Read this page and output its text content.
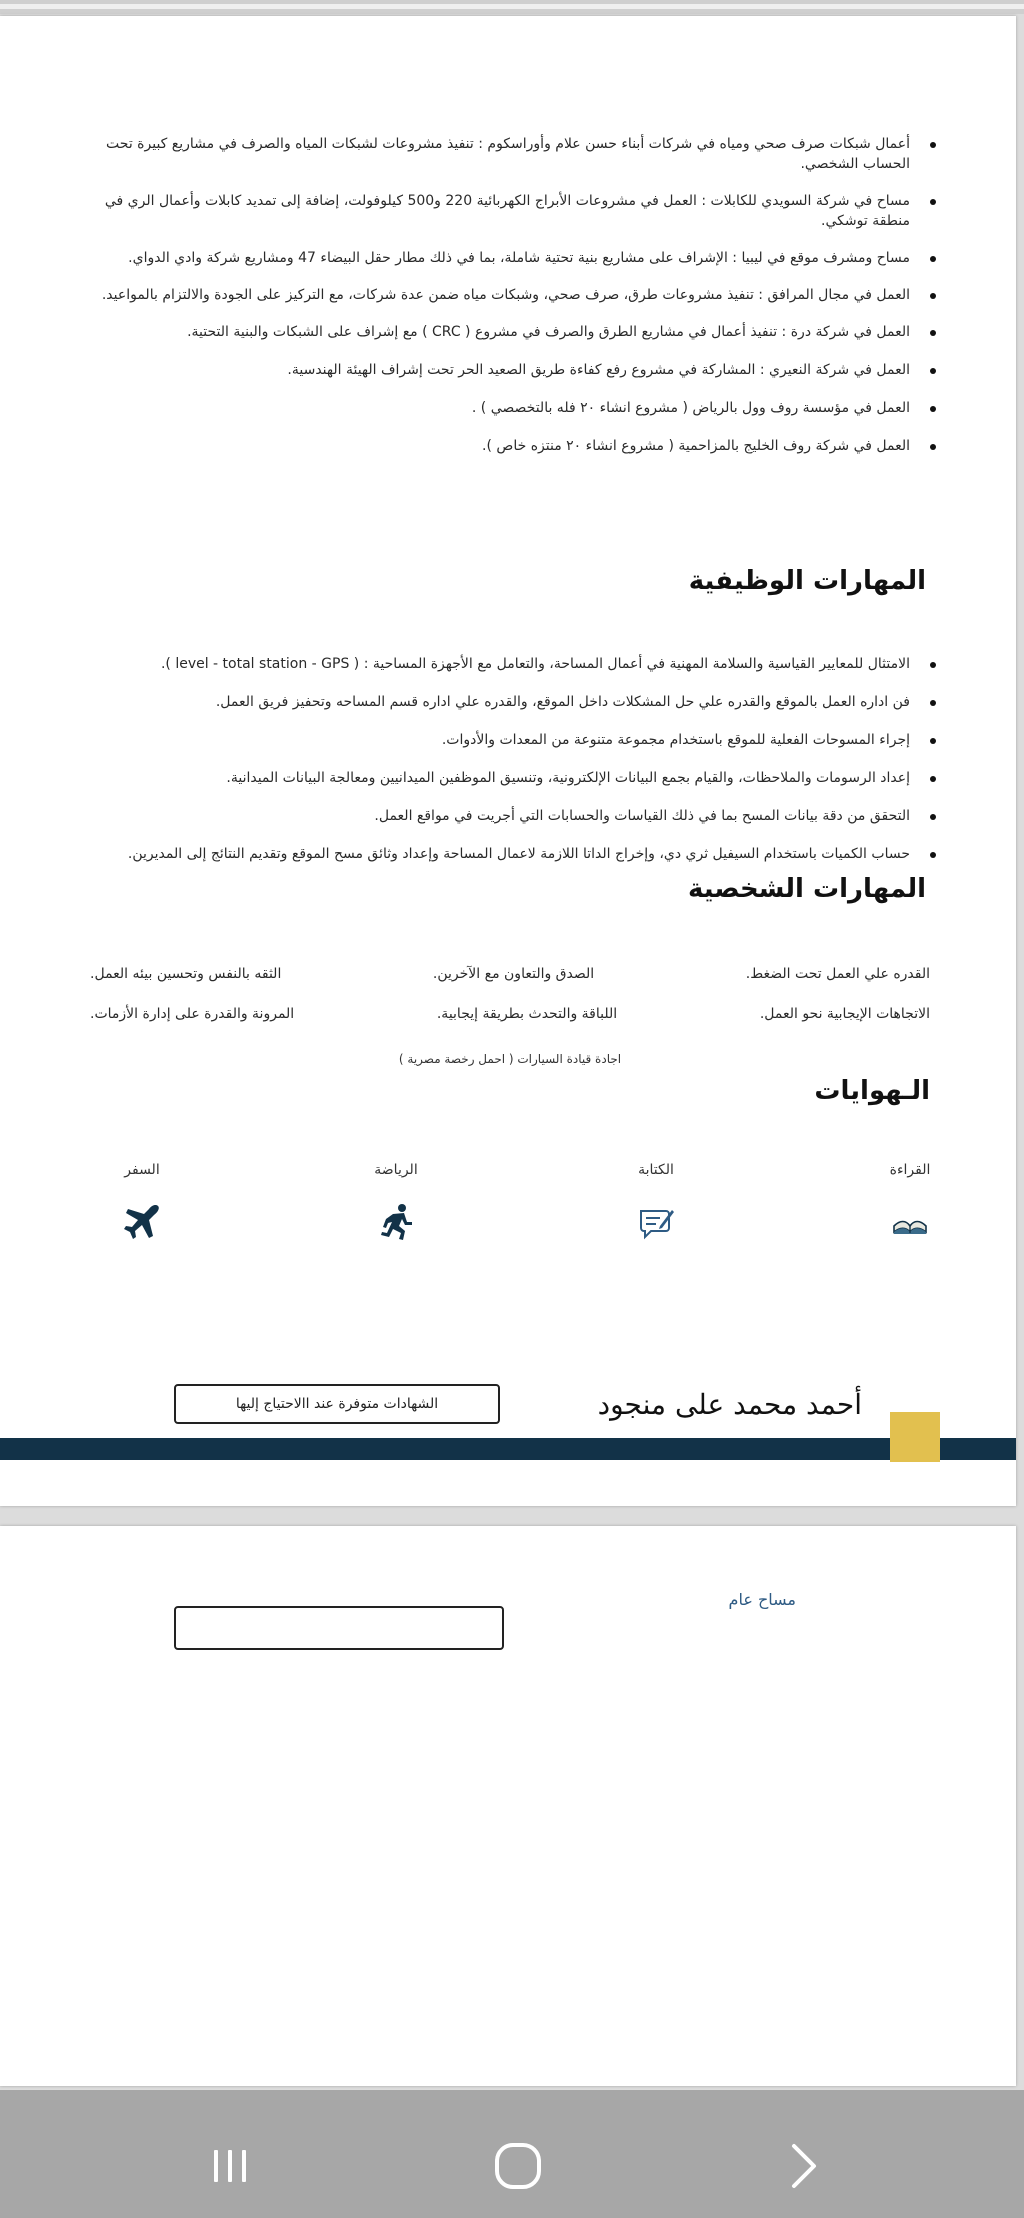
أعمال شبكات صرف صحي ومياه في شركات أبناء حسن علام وأوراسكوم : تنفيذ مشروعات لشبكات المياه والصرف في مشاريع كبيرة تحت الحساب الشخصي.
مساح في شركة السويدي للكابلات : العمل في مشروعات الأبراج الكهربائية 220 و500 كيلوفولت، إضافة إلى تمديد كابلات وأعمال الري في منطقة توشكي.
مساح ومشرف موقع في ليبيا : الإشراف على مشاريع بنية تحتية شاملة، بما في ذلك مطار حقل البيضاء 47 ومشاريع شركة وادي الدواي.
العمل في مجال المرافق : تنفيذ مشروعات طرق، صرف صحي، وشبكات مياه ضمن عدة شركات، مع التركيز على الجودة والالتزام بالمواعيد.
العمل في شركة درة : تنفيذ أعمال في مشاريع الطرق والصرف في مشروع ( CRC ) مع إشراف على الشبكات والبنية التحتية.
العمل في شركة النعيري : المشاركة في مشروع رفع كفاءة طريق الصعيد الحر تحت إشراف الهيئة الهندسية.
العمل في مؤسسة روف وول بالرياض ( مشروع انشاء ٢٠ فله بالتخصصي ) .
العمل في شركة روف الخليج بالمزاحمية ( مشروع انشاء ٢٠ منتزه خاص ).
المهارات الوظيفية
الامتثال للمعايير القياسية والسلامة المهنية في أعمال المساحة، والتعامل مع الأجهزة المساحية : ( level - total station - GPS ).
فن اداره العمل بالموقع والقدره علي حل المشكلات داخل الموقع، والقدره علي اداره قسم المساحه وتحفيز فريق العمل.
إجراء المسوحات الفعلية للموقع باستخدام مجموعة متنوعة من المعدات والأدوات.
إعداد الرسومات والملاحظات، والقيام بجمع البيانات الإلكترونية، وتنسيق الموظفين الميدانيين ومعالجة البيانات الميدانية.
التحقق من دقة بيانات المسح بما في ذلك القياسات والحسابات التي أجريت في مواقع العمل.
حساب الكميات باستخدام السيفيل ثري دي، وإخراج الداتا اللازمة لاعمال المساحة وإعداد وثائق مسح الموقع وتقديم النتائج إلى المديرين.
المهارات الشخصية
القدره علي العمل تحت الضغط.
الصدق والتعاون مع الآخرين.
الثقه بالنفس وتحسين بيئه العمل.
الاتجاهات الإيجابية نحو العمل.
اللباقة والتحدث بطريقة إيجابية.
المرونة والقدرة على إدارة الأزمات.
اجادة قيادة السيارات ( احمل رخصة مصرية )
الـهوايات
القراءة
الكتابة
الرياضة
السفر
الشهادات متوفرة عند االاحتياج إليها	أحمد محمد على منجود
مساح عام
